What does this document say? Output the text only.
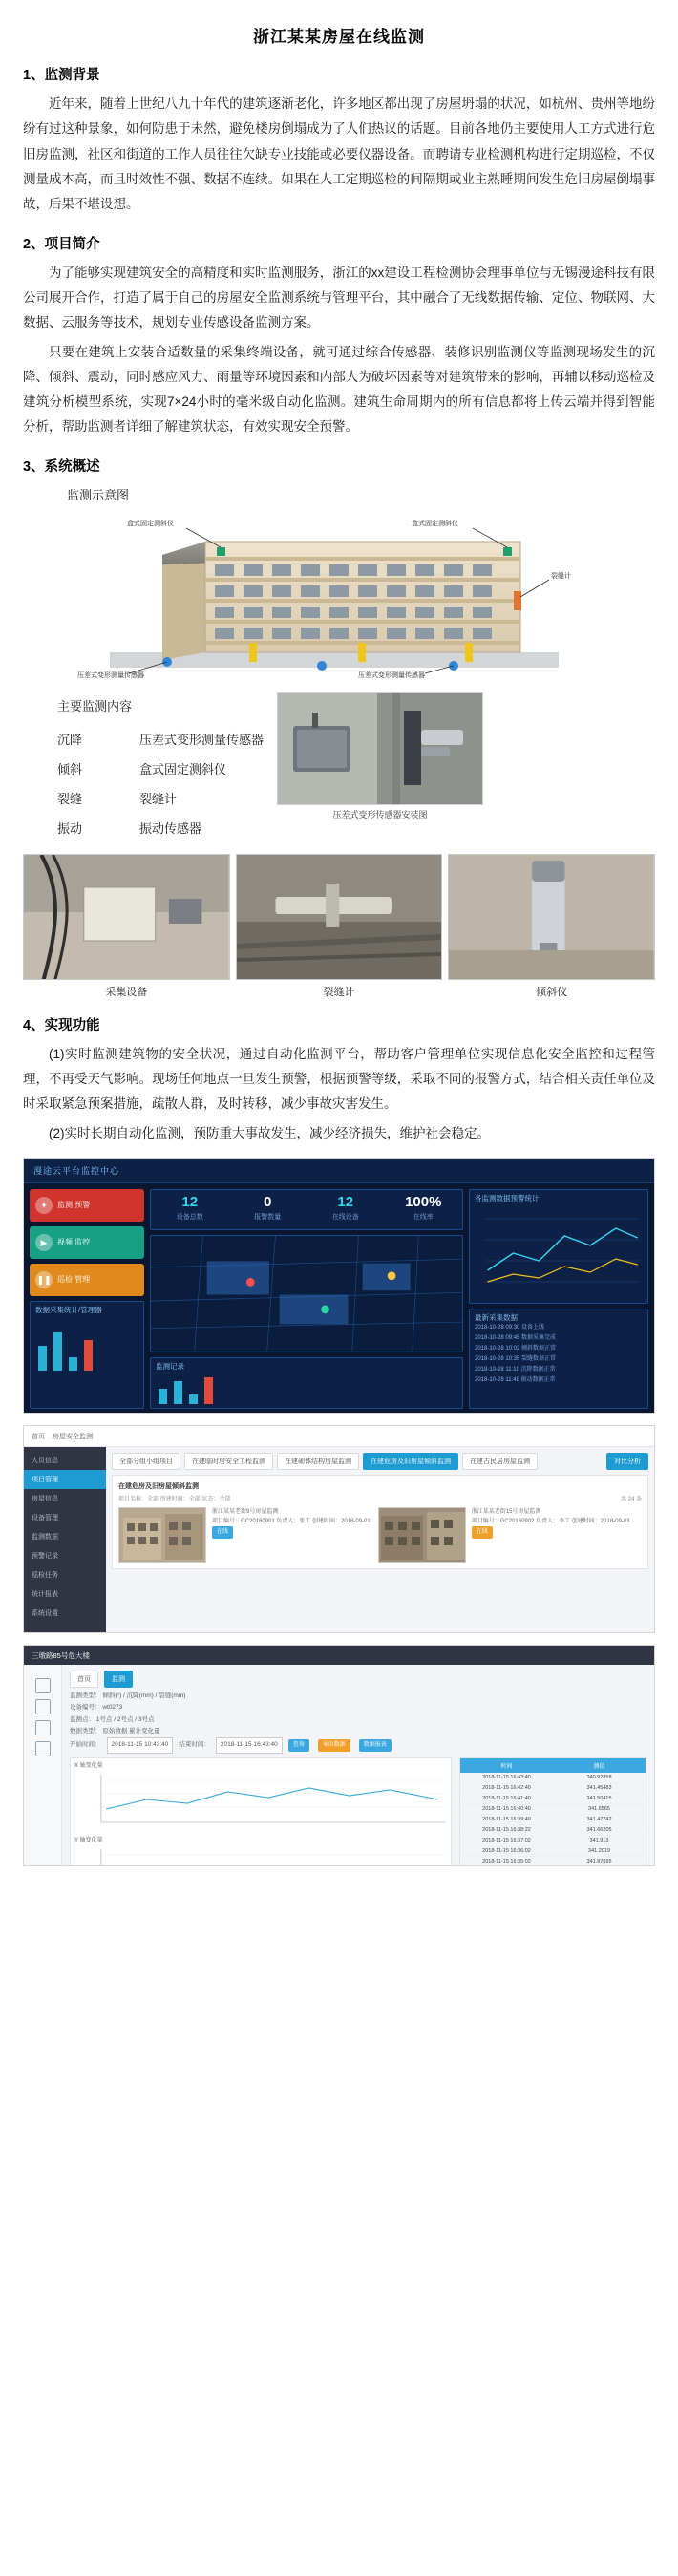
浙江某某房屋在线监测
1、监测背景

近年来，随着上世纪八九十年代的建筑逐渐老化，许多地区都出现了房屋坍塌的状况，如杭州、贵州等地纷纷有过这种景象，如何防患于未然，避免楼房倒塌成为了人们热议的话题。目前各地仍主要使用人工方式进行危旧房监测，社区和街道的工作人员往往欠缺专业技能或必要仪器设备。而聘请专业检测机构进行定期巡检，不仅测量成本高，而且时效性不强、数据不连续。如果在人工定期巡检的间隔期或业主熟睡期间发生危旧房屋倒塌事故，后果不堪设想。

2、项目简介

为了能够实现建筑安全的高精度和实时监测服务，浙江的xx建设工程检测协会理事单位与无锡漫途科技有限公司展开合作，打造了属于自己的房屋安全监测系统与管理平台，其中融合了无线数据传输、定位、物联网、大数据、云服务等技术，规划专业传感设备监测方案。

只要在建筑上安装合适数量的采集终端设备，就可通过综合传感器、装修识别监测仪等监测现场发生的沉降、倾斜、震动，同时感应风力、雨量等环境因素和内部人为破坏因素等对建筑带来的影响，再辅以移动巡检及建筑分析模型系统，实现7×24小时的毫米级自动化监测。建筑生命周期内的所有信息都将上传云端并得到智能分析，帮助监测者详细了解建筑状态，有效实现安全预警。

3、系统概述
监测示意图
盒式固定测斜仪	盒式固定测斜仪
裂缝计
压差式变形测量传感器	压差式变形测量传感器
主要监测内容
沉降	压差式变形测量传感器
倾斜	盒式固定测斜仪
裂缝	裂缝计
振动	振动传感器
压差式变形传感器安装图
采集设备	裂缝计	倾斜仪
4、实现功能

(1)实时监测建筑物的安全状况，通过自动化监测平台，帮助客户管理单位实现信息化安全监控和过程管理，不再受天气影响。现场任何地点一旦发生预警，根据预警等级，采取不同的报警方式，结合相关责任单位及时采取紧急预案措施，疏散人群，及时转移，减少事故灾害发生。

(2)实时长期自动化监测，预防重大事故发生，减少经济损失，维护社会稳定。

漫途云平台监控中心
✦	监测 预警
▶	视频 监控
❚❚ 巡检 管理
数据采集统计/管理器
12
设备总数
0
报警数量
12
在线设备
100%
在线率
监测记录
各监测数据预警统计
最新采集数据
2018-10-28 09:30 设备上线
2018-10-28 09:45 数据采集完成
2018-10-28 10:02 倾斜数据正常
2018-10-28 10:35 裂缝数据正常
2018-10-28 11:10 沉降数据正常
2018-10-28 11:48 振动数据正常
首页 房屋安全监测
人员信息
项目管理
房屋信息
设备管理
监测数据
预警记录
巡检任务
统计报表
系统设置
全部分组小组项目	在建临时房安全工程监测	在建砌体结构房屋监测	在建危房及旧房屋倾斜监测	在建古民居房屋监测	对比分析
在建危房及旧房屋倾斜监测
项目名称：全部 创建时间：全部 状态：全部	共 24 条
浙江某某老街9号房屋监测
项目编号：GC20180901 负责人：张工 创建时间：2018-09-01
在线
浙江某某老街15号房屋监测
项目编号：GC20180902 负责人：李工 创建时间：2018-09-03
在线
三墩路85号危大楼
首页	监测
监测类型： 倾斜(°) / 沉降(mm) / 裂缝(mm)
设备编号： wt0273
监测点： 1号点 / 2号点 / 3号点
数据类型： 原始数据 累计变化量
开始时间：	2018-11-15 10:43:40	结束时间：	2018-11-15 16:43:40	查询	导出数据	数据报表
X 轴变化量
Y 轴变化量
时间	测值
2018-11-15 16:43:40	340.92858
2018-11-15 16:42:40	341.45483
2018-11-15 16:41:40	341.50415
2018-11-15 16:40:40	341.6565
2018-11-15 16:39:40	341.47742
2018-11-15 16:38:22	341.66205
2018-11-15 16:37:02	341.913
2018-11-15 16:36:02	341.2019
2018-11-15 16:35:02	341.87695
